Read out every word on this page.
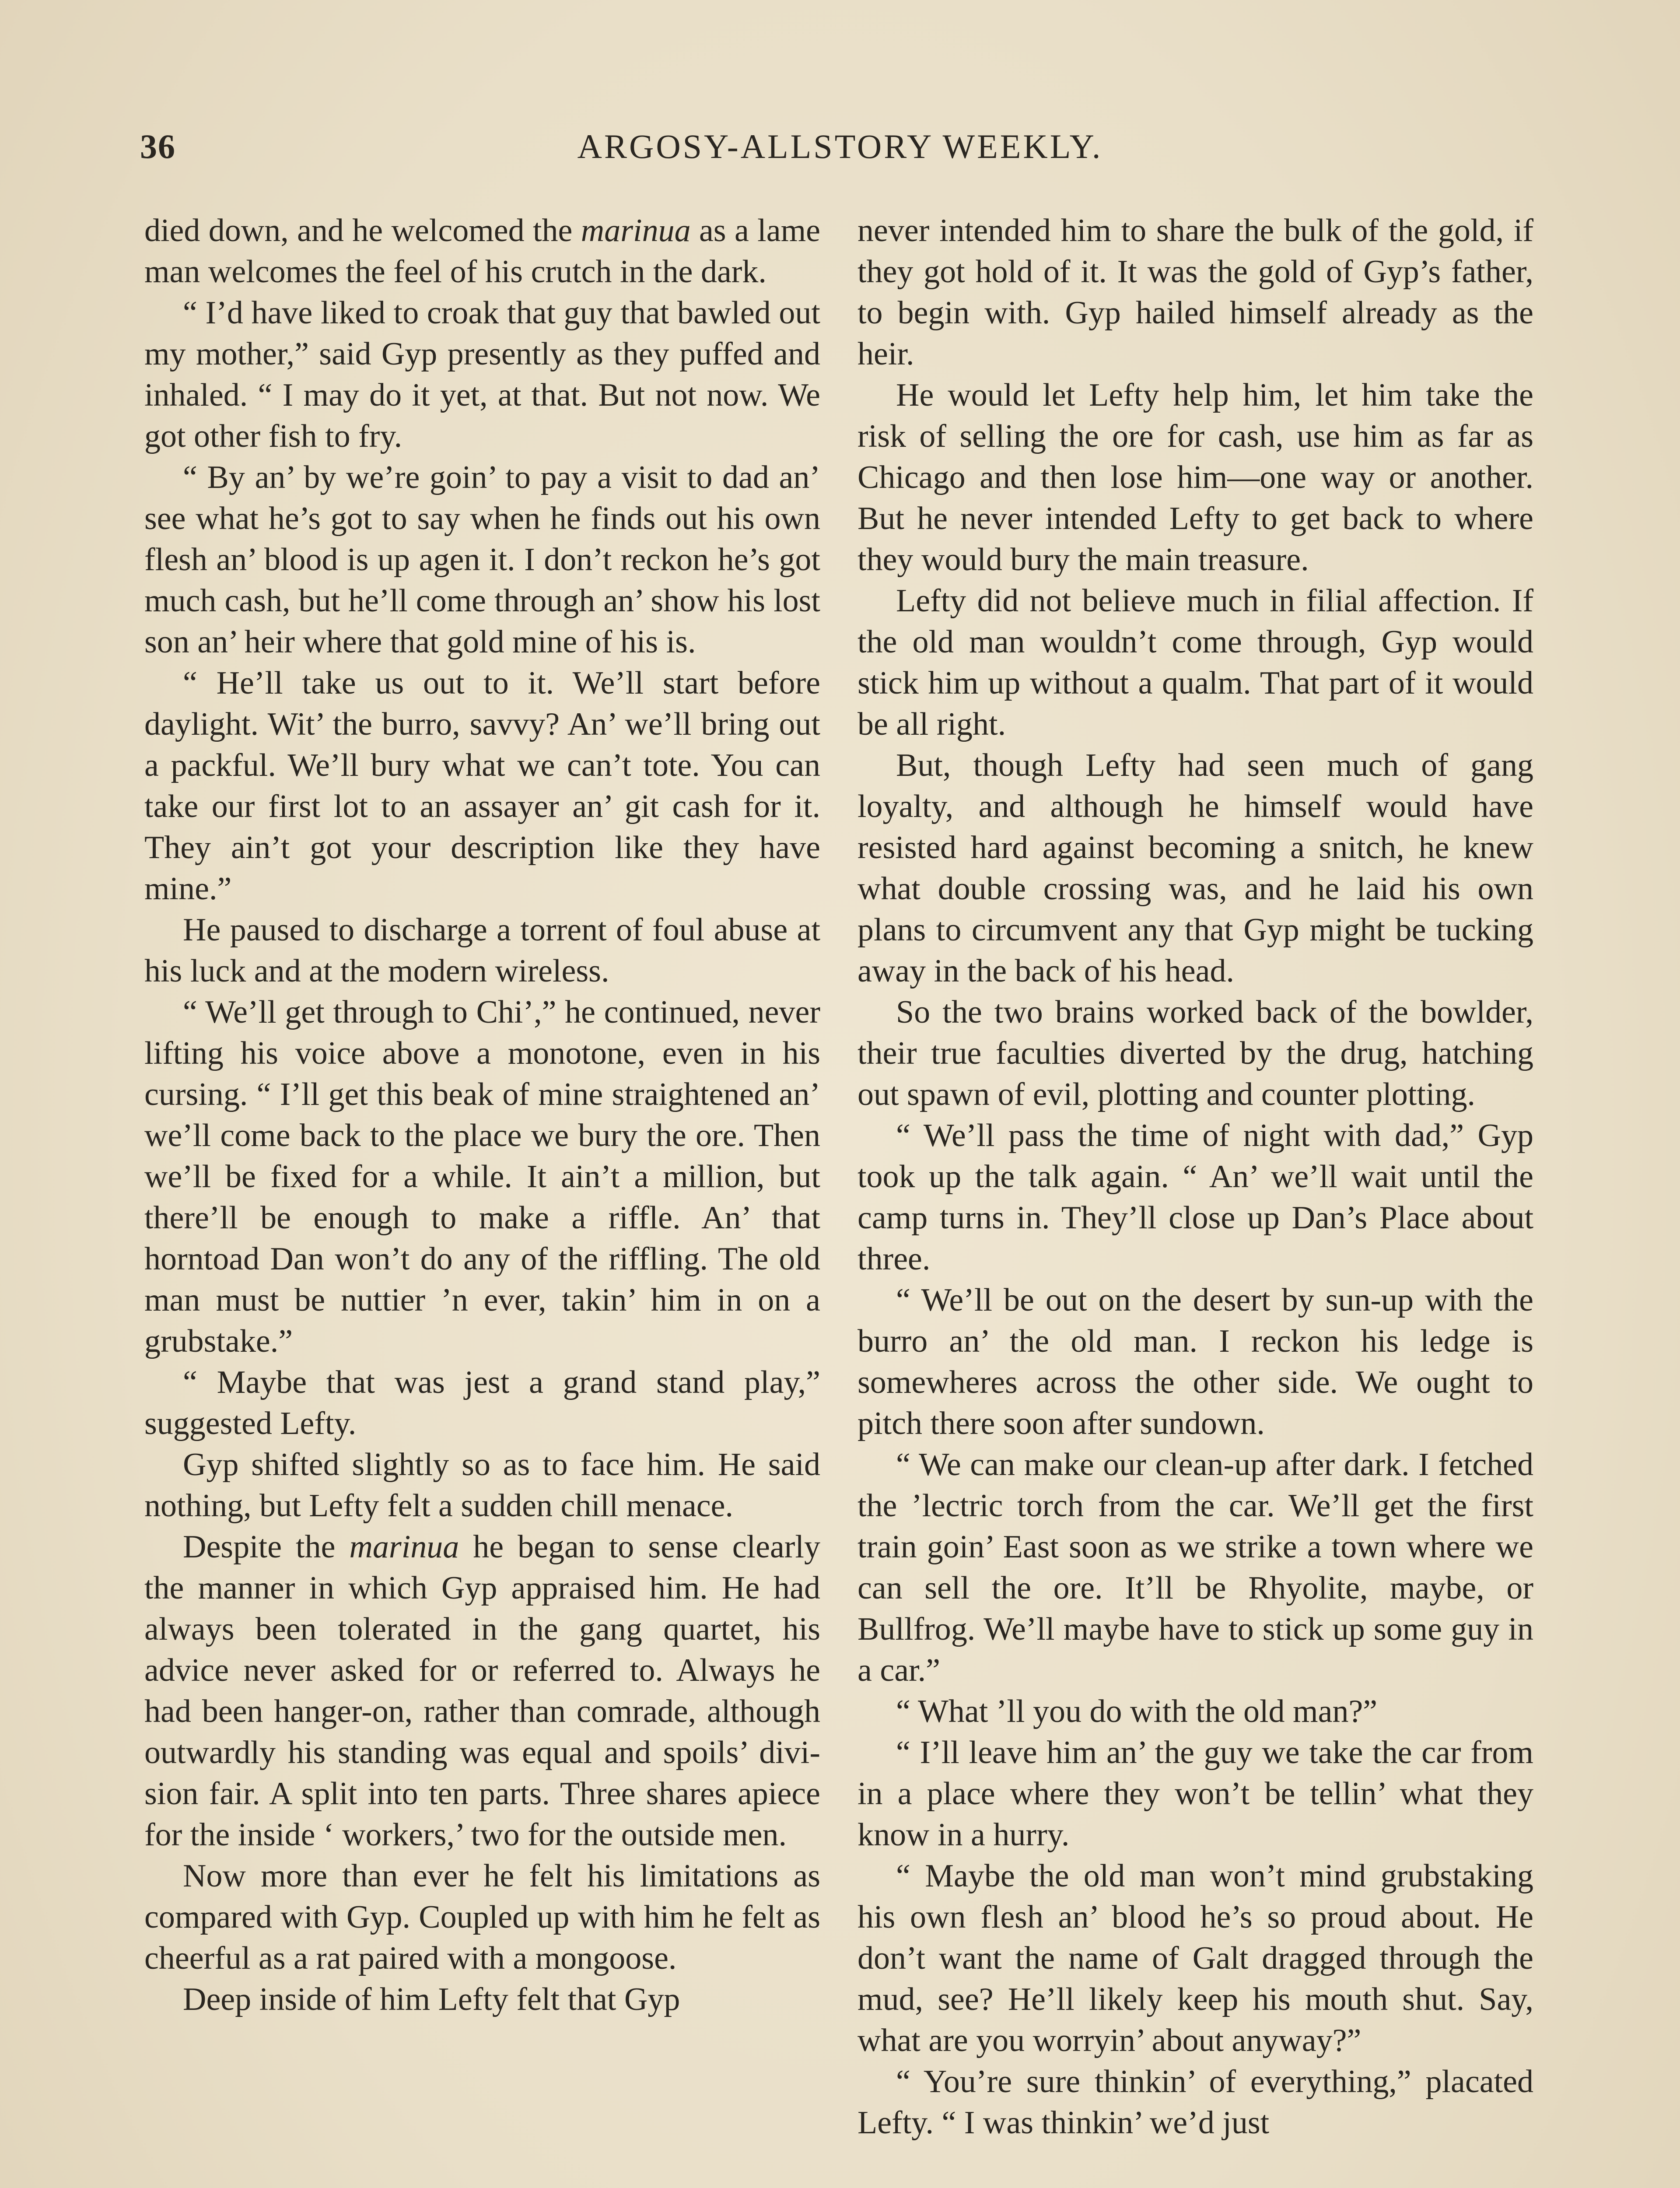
36	ARGOSY-ALLSTORY WEEKLY.

died down, and he welcomed the marinua as a lame man welcomes the feel of his crutch in the dark.

“ I’d have liked to croak that guy that bawled out my mother,” said Gyp presently as they puffed and inhaled. “ I may do it yet, at that. But not now. We got other fish to fry.

“ By an’ by we’re goin’ to pay a visit to dad an’ see what he’s got to say when he finds out his own flesh an’ blood is up agen it. I don’t reckon he’s got much cash, but he’ll come through an’ show his lost son an’ heir where that gold mine of his is.

“ He’ll take us out to it. We’ll start before daylight. Wit’ the burro, savvy? An’ we’ll bring out a packful. We’ll bury what we can’t tote. You can take our first lot to an assayer an’ git cash for it. They ain’t got your description like they have mine.”

He paused to discharge a torrent of foul abuse at his luck and at the modern wireless.

“ We’ll get through to Chi’,” he continued, never lifting his voice above a monotone, even in his cursing. “ I’ll get this beak of mine straightened an’ we’ll come back to the place we bury the ore. Then we’ll be fixed for a while. It ain’t a million, but there’ll be enough to make a riffle. An’ that horntoad Dan won’t do any of the riffling. The old man must be nuttier ’n ever, takin’ him in on a grubstake.”

“ Maybe that was jest a grand stand play,” suggested Lefty.

Gyp shifted slightly so as to face him. He said nothing, but Lefty felt a sudden chill menace.

Despite the marinua he began to sense clearly the manner in which Gyp appraised him. He had always been tolerated in the gang quartet, his advice never asked for or referred to. Always he had been hanger-on, rather than comrade, although outwardly his standing was equal and spoils’ division fair. A split into ten parts. Three shares apiece for the inside ‘ workers,’ two for the outside men.

Now more than ever he felt his limitations as compared with Gyp. Coupled up with him he felt as cheerful as a rat paired with a mongoose.

Deep inside of him Lefty felt that Gyp

never intended him to share the bulk of the gold, if they got hold of it. It was the gold of Gyp’s father, to begin with. Gyp hailed himself already as the heir.

He would let Lefty help him, let him take the risk of selling the ore for cash, use him as far as Chicago and then lose him—one way or another. But he never intended Lefty to get back to where they would bury the main treasure.

Lefty did not believe much in filial affection. If the old man wouldn’t come through, Gyp would stick him up without a qualm. That part of it would be all right.

But, though Lefty had seen much of gang loyalty, and although he himself would have resisted hard against becoming a snitch, he knew what double crossing was, and he laid his own plans to circumvent any that Gyp might be tucking away in the back of his head.

So the two brains worked back of the bowlder, their true faculties diverted by the drug, hatching out spawn of evil, plotting and counter plotting.

“ We’ll pass the time of night with dad,” Gyp took up the talk again. “ An’ we’ll wait until the camp turns in. They’ll close up Dan’s Place about three.

“ We’ll be out on the desert by sun-up with the burro an’ the old man. I reckon his ledge is somewheres across the other side. We ought to pitch there soon after sundown.

“ We can make our clean-up after dark. I fetched the ’lectric torch from the car. We’ll get the first train goin’ East soon as we strike a town where we can sell the ore. It’ll be Rhyolite, maybe, or Bullfrog. We’ll maybe have to stick up some guy in a car.”

“ What ’ll you do with the old man?”

“ I’ll leave him an’ the guy we take the car from in a place where they won’t be tellin’ what they know in a hurry.

“ Maybe the old man won’t mind grubstaking his own flesh an’ blood he’s so proud about. He don’t want the name of Galt dragged through the mud, see? He’ll likely keep his mouth shut. Say, what are you worryin’ about anyway?”

“ You’re sure thinkin’ of everything,” placated Lefty. “ I was thinkin’ we’d just
